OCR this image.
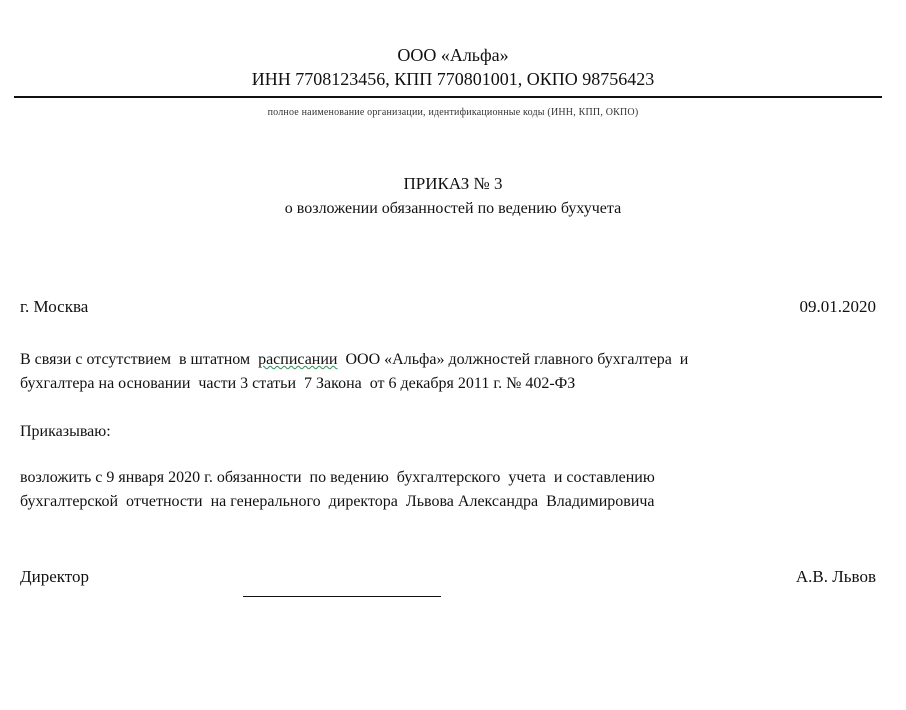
ООО «Альфа»
ИНН 7708123456, КПП 770801001, ОКПО 98756423
полное наименование организации, идентификационные коды (ИНН, КПП, ОКПО)
ПРИКАЗ № 3
о возложении обязанностей по ведению бухучета
г. Москва	09.01.2020
В связи с отсутствием  в штатном  расписании  ООО «Альфа» должностей главного бухгалтера  и
бухгалтера на основании  части 3 статьи  7 Закона  от 6 декабря 2011 г. № 402-ФЗ
Приказываю:
возложить с 9 января 2020 г. обязанности  по ведению  бухгалтерского  учета  и составлению
бухгалтерской  отчетности  на генерального  директора  Львова Александра  Владимировича
Директор	А.В. Львов
